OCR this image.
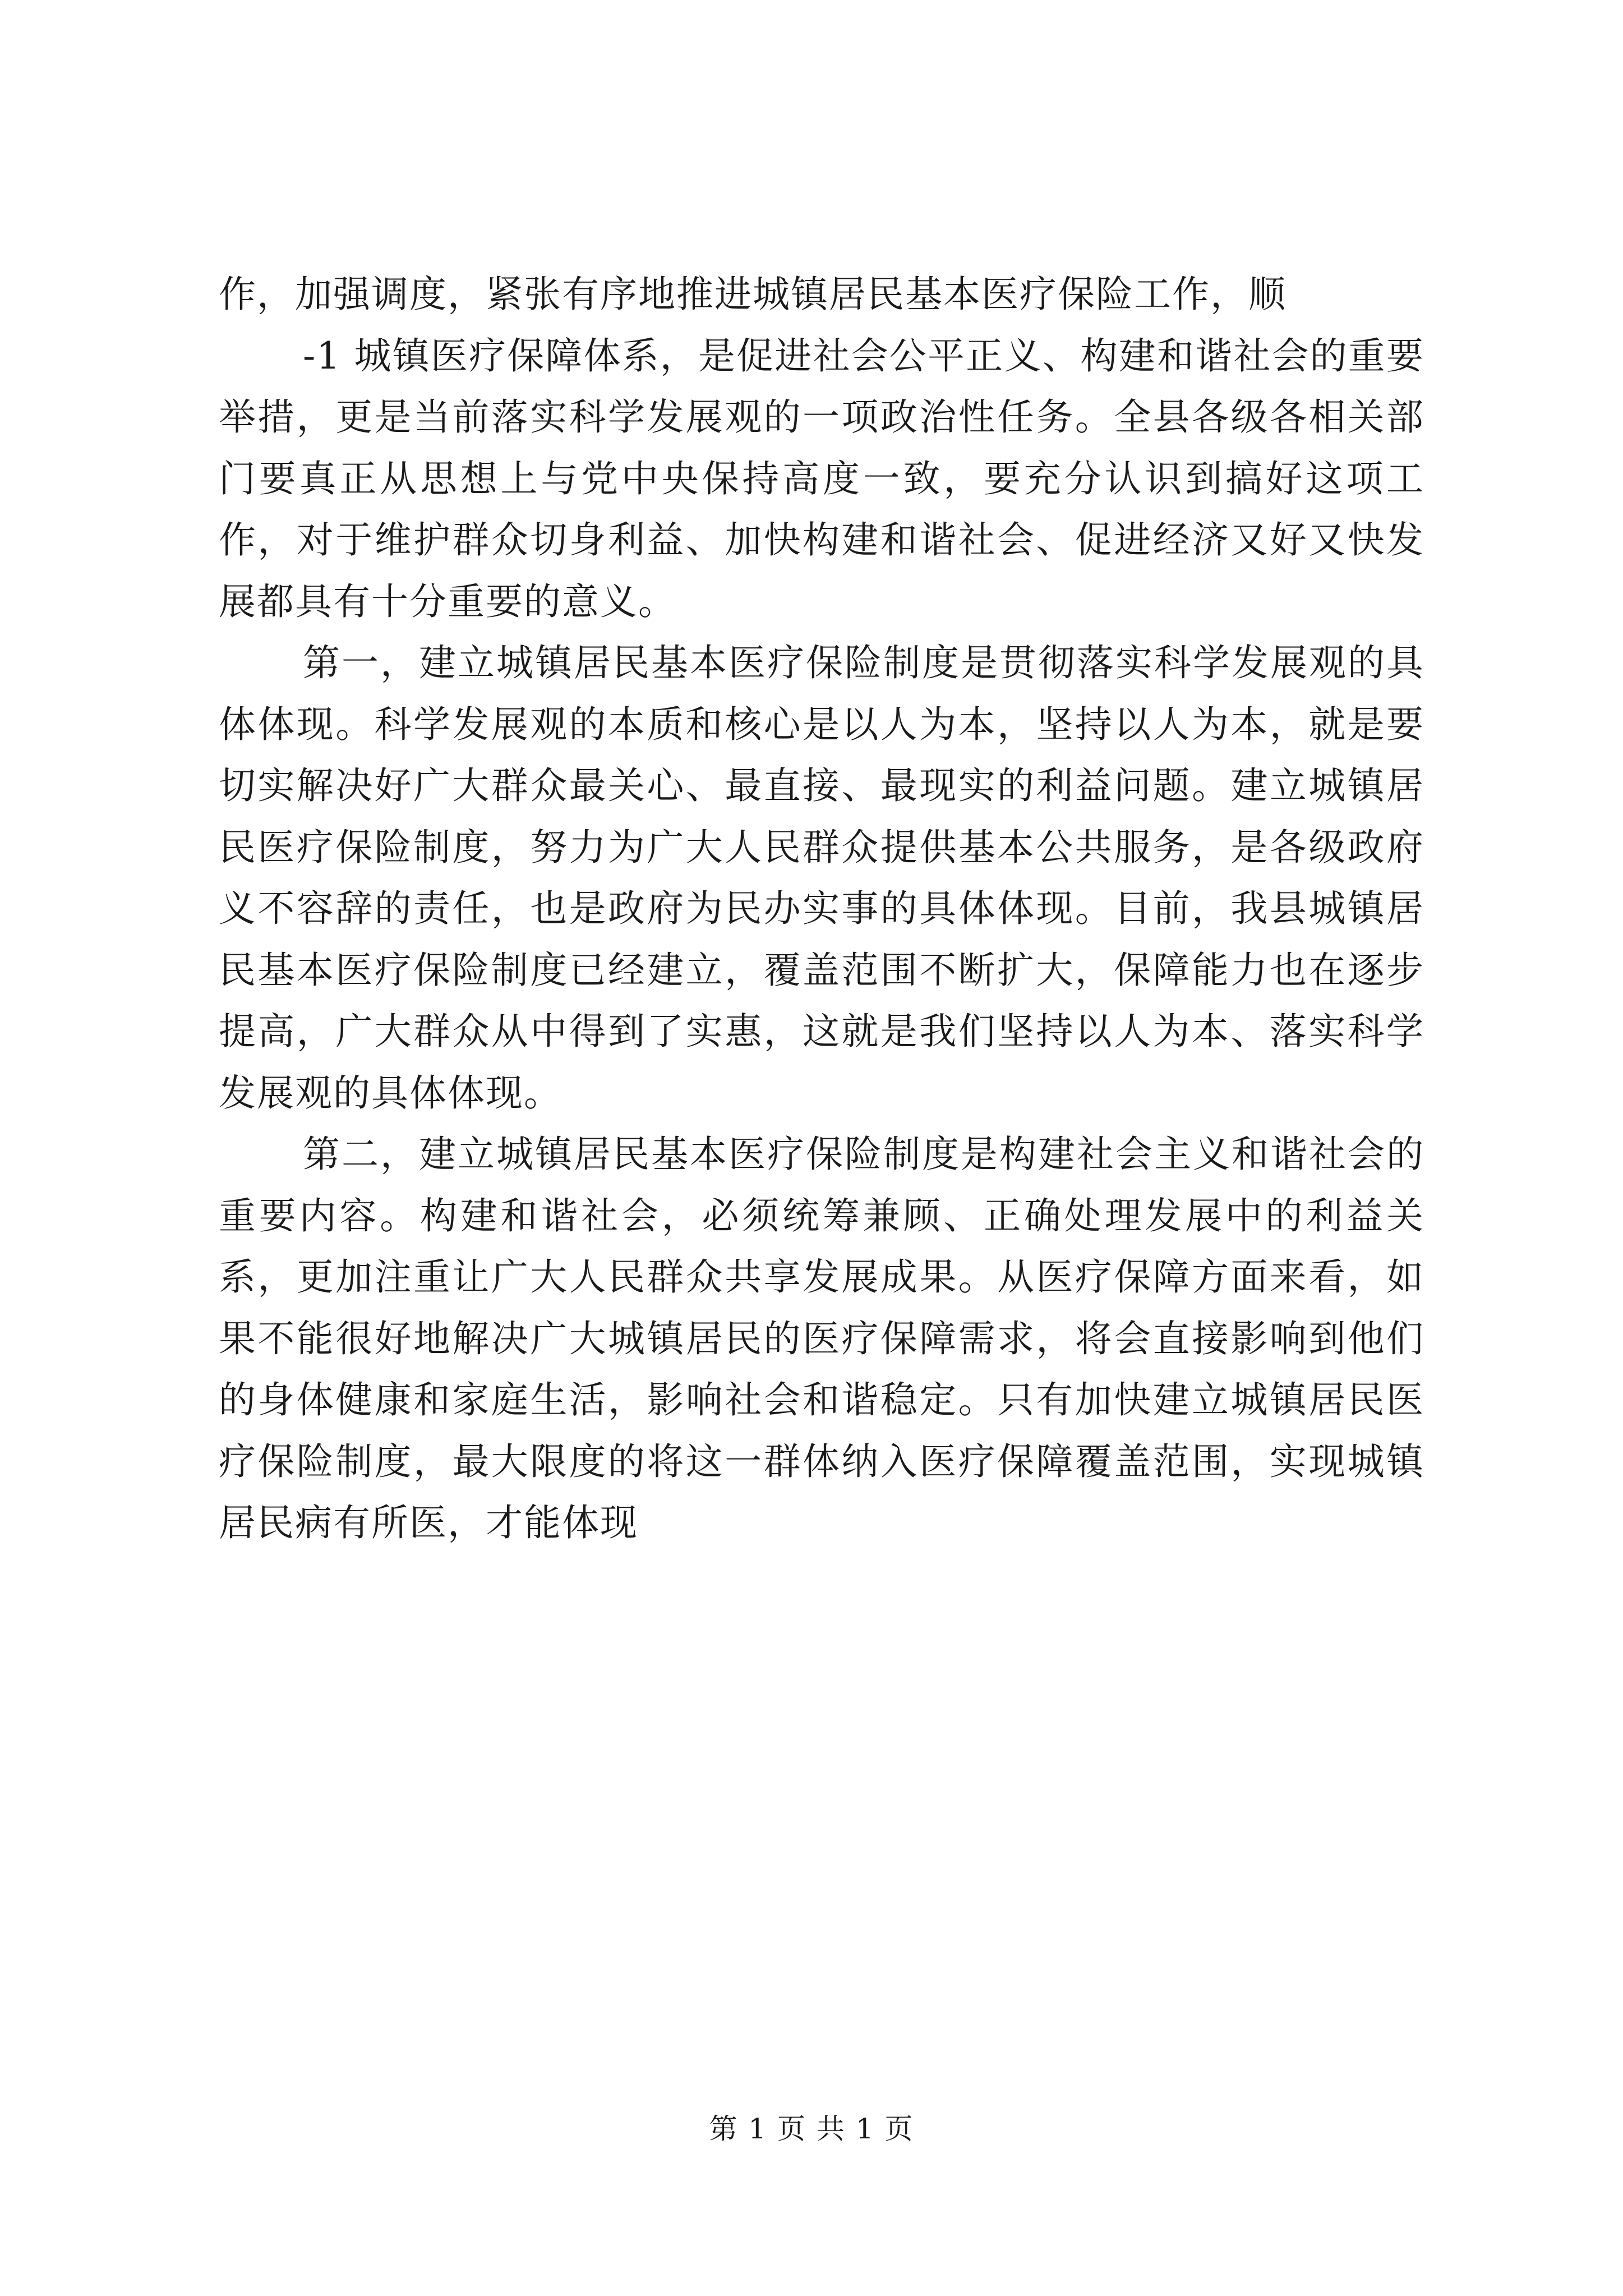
作，加强调度，紧张有序地推进城镇居民基本医疗保险工作，顺

-1 城镇医疗保障体系，是促进社会公平正义、构建和谐社会的重要举措，更是当前落实科学发展观的一项政治性任务。全县各级各相关部门要真正从思想上与党中央保持高度一致，要充分认识到搞好这项工作，对于维护群众切身利益、加快构建和谐社会、促进经济又好又快发展都具有十分重要的意义。

第一，建立城镇居民基本医疗保险制度是贯彻落实科学发展观的具体体现。科学发展观的本质和核心是以人为本，坚持以人为本，就是要切实解决好广大群众最关心、最直接、最现实的利益问题。建立城镇居民医疗保险制度，努力为广大人民群众提供基本公共服务，是各级政府义不容辞的责任，也是政府为民办实事的具体体现。目前，我县城镇居民基本医疗保险制度已经建立，覆盖范围不断扩大，保障能力也在逐步提高，广大群众从中得到了实惠，这就是我们坚持以人为本、落实科学发展观的具体体现。

第二，建立城镇居民基本医疗保险制度是构建社会主义和谐社会的重要内容。构建和谐社会，必须统筹兼顾、正确处理发展中的利益关系，更加注重让广大人民群众共享发展成果。从医疗保障方面来看，如果不能很好地解决广大城镇居民的医疗保障需求，将会直接影响到他们的身体健康和家庭生活，影响社会和谐稳定。只有加快建立城镇居民医疗保险制度，最大限度的将这一群体纳入医疗保障覆盖范围，实现城镇居民病有所医，才能体现

第 1 页 共 1 页
